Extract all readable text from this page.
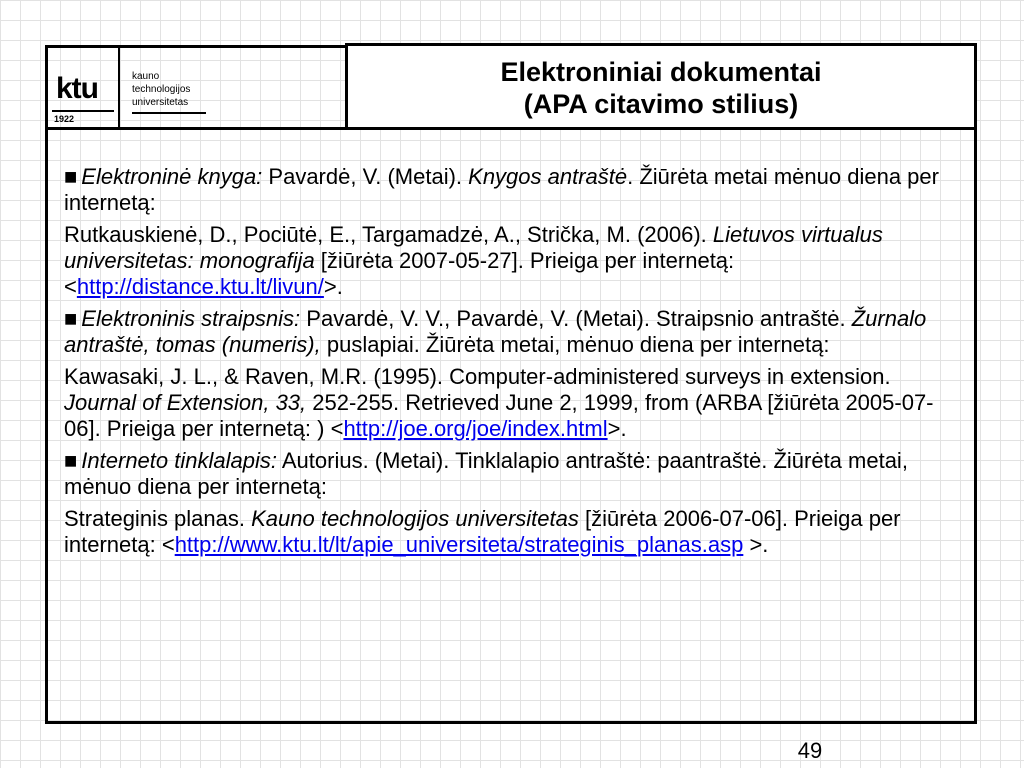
ktu
1922
kauno
technologijos
universitetas
Elektroniniai dokumentai
(APA citavimo stilius)

■ Elektroninė knyga: Pavardė, V. (Metai). Knygos antraštė. Žiūrėta metai mėnuo diena per internetą:

Rutkauskienė, D., Pociūtė, E., Targamadzė, A., Strička, M. (2006). Lietuvos virtualus universitetas: monografija [žiūrėta 2007-05-27]. Prieiga per internetą: <http://distance.ktu.lt/livun/>.

■ Elektroninis straipsnis: Pavardė, V. V., Pavardė, V. (Metai). Straipsnio antraštė. Žurnalo antraštė, tomas (numeris), puslapiai. Žiūrėta metai, mėnuo diena per internetą:

Kawasaki, J. L., & Raven, M.R. (1995). Computer-administered surveys in extension. Journal of Extension, 33, 252-255. Retrieved June 2, 1999, from (ARBA [žiūrėta 2005-07-06]. Prieiga per internetą: ) <http://joe.org/joe/index.html>.

■ Interneto tinklalapis: Autorius. (Metai). Tinklalapio antraštė: paantraštė. Žiūrėta metai, mėnuo diena per internetą:

Strateginis planas. Kauno technologijos universitetas [žiūrėta 2006-07-06]. Prieiga per internetą: <http://www.ktu.lt/lt/apie_universiteta/strateginis_planas.asp >.

49
